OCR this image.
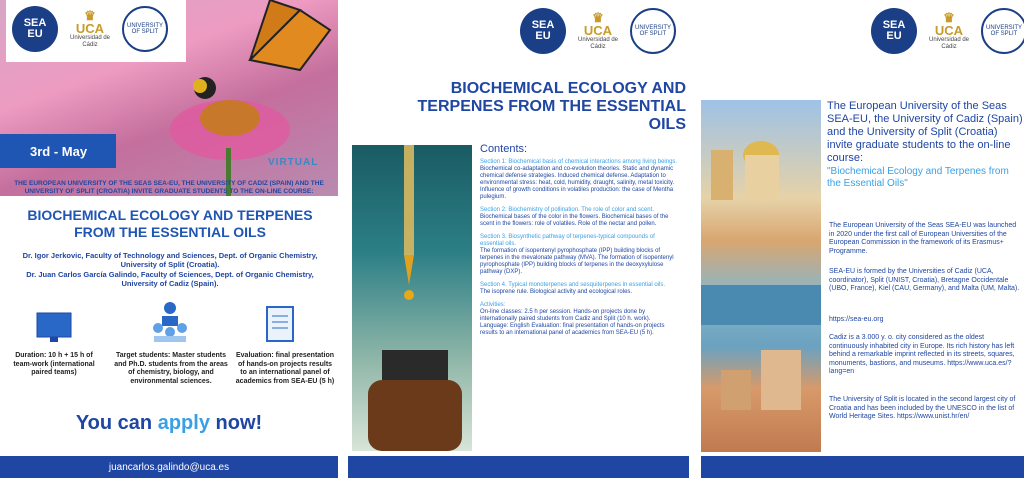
SEA
EU
♛
UCA
Universidad de Cádiz
UNIVERSITY OF SPLIT
3rd - May
VIRTUAL
THE EUROPEAN UNIVERSITY OF THE SEAS SEA-EU, THE UNIVERSITY OF CADIZ (SPAIN) AND THE UNIVERSITY OF SPLIT (CROATIA) INVITE GRADUATE STUDENTS TO THE ON-LINE COURSE:
BIOCHEMICAL ECOLOGY AND TERPENES FROM THE ESSENTIAL OILS
Dr. Igor Jerkovic, Faculty of Technology and Sciences, Dept. of Organic Chemistry, University of Split (Croatia).
Dr. Juan Carlos García Galindo, Faculty of Sciences, Dept. of Organic Chemistry, University of Cadiz (Spain).
Duration: 10 h + 15 h of team-work (international paired teams)
Target students: Master students and Ph.D. students from the areas of chemistry, biology, and environmental sciences.
Evaluation: final presentation of hands-on projects results to an international panel of academics from SEA-EU (5 h)
You can apply now!
juancarlos.galindo@uca.es
SEA
EU
♛
UCA
Universidad de Cádiz
UNIVERSITY OF SPLIT
BIOCHEMICAL ECOLOGY AND TERPENES FROM THE ESSENTIAL OILS
Contents:
Section 1: Biochemical basis of chemical interactions among living beings.
Biochemical co-adaptation and co-evolution theories. Static and dynamic chemical defense strategies. Induced chemical defense. Adaptation to environmental stress: heat, cold, humidity, draught, salinity, metal toxicity. Influence of growth conditions in volatiles production: the case of Mentha pulegium.
Section 2: Biochemistry of pollination. The role of color and scent.
Biochemical bases of the color in the flowers. Biochemical bases of the scent in the flowers: role of volatiles. Role of the nectar and pollen.
Section 3. Biosynthetic pathway of terpenes-typical compounds of essential oils.
The formation of isopentenyl pyrophosphate (IPP) building blocks of terpenes in the mevalonate pathway (MVA). The formation of isopentenyl pyrophosphate (IPP) building blocks of terpenes in the deoxyxylulose pathway (DXP).
Section 4. Typical monoterpenes and sesquiterpenes in essential oils.
The isoprene rule. Biological activity and ecological roles.
Activities:
On-line classes: 2.5 h per session. Hands-on projects done by internationally paired students from Cadiz and Split (10 h. work). Language: English Evaluation: final presentation of hands-on projects results to an international panel of academics from SEA-EU (5 h).
SEA
EU
♛
UCA
Universidad de Cádiz
UNIVERSITY OF SPLIT
The European University of the Seas SEA-EU, the University of Cadiz (Spain) and the University of Split (Croatia) invite graduate students to the on-line course:
"Biochemical Ecology and Terpenes from the Essential Oils"
The European University of the Seas SEA-EU was launched in 2020 under the first call of European Universities of the European Commission in the framework of its Erasmus+ Programme.
SEA-EU is formed by the Universities of Cadiz (UCA, coordinator), Split (UNIST, Croatia), Bretagne Occidentale (UBO, France), Kiel (CAU, Germany), and Malta (UM, Malta).
https://sea-eu.org
Cadiz is a 3.000 y. o. city considered as the oldest continuously inhabited city in Europe. Its rich history has left behind a remarkable imprint reflected in its streets, squares, monuments, bastions, and museums. https://www.uca.es/?lang=en
The University of Split is located in the second largest city of Croatia and has been included by the UNESCO in the list of World Heritage Sites. https://www.unist.hr/en/
